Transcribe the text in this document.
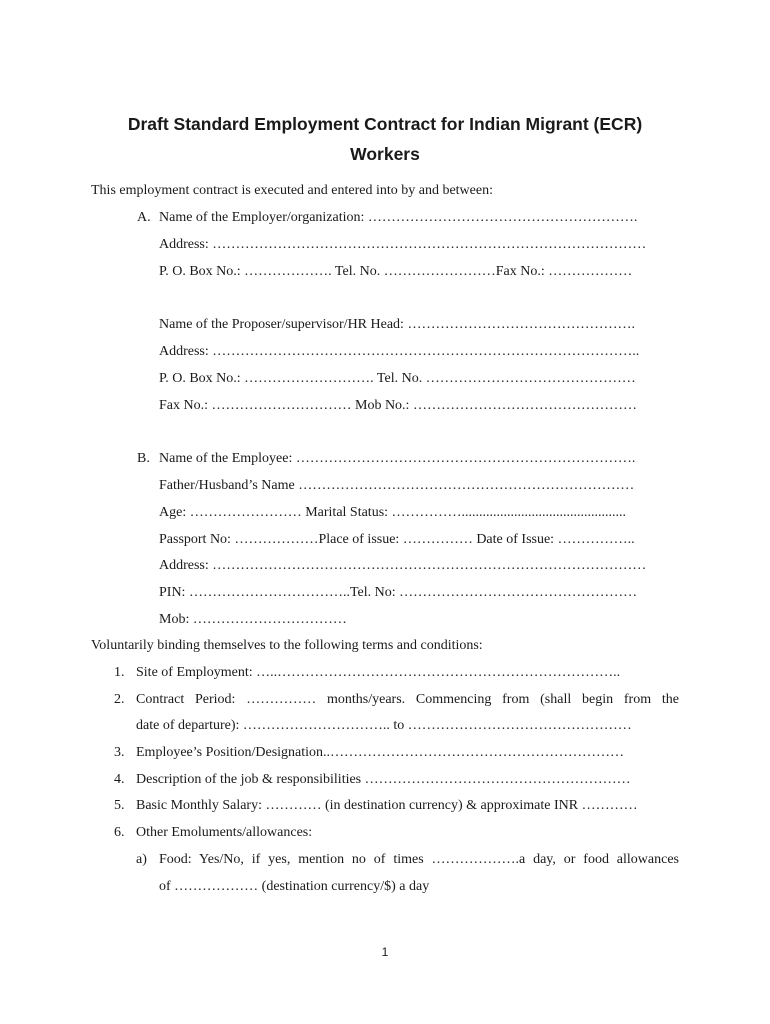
Draft Standard Employment Contract for Indian Migrant (ECR)
Workers
This employment contract is executed and entered into by and between:
A. Name of the Employer/organization: ………………………………………………….
Address: …………………………………………………………………………………
P. O. Box No.: ………………. Tel. No. ……………………Fax No.: ………………
Name of the Proposer/supervisor/HR Head: ………………………………………….
Address: ………………………………………………………………………………..
P. O. Box No.: ………………………. Tel. No. ………………………………………
Fax No.: ………………………… Mob No.: …………………………………………
B. Name of the Employee: ……………………………………………………………….
Father/Husband’s Name ………………………………………………………………
Age: …………………… Marital Status: ……………...............................................
Passport No: ………………Place of issue: …………… Date of Issue: ……………..
Address: …………………………………………………………………………………
PIN: ……………………………..Tel. No: ……………………………………………
Mob: ……………………………
Voluntarily binding themselves to the following terms and conditions:
1. Site of Employment: …..………………………………………………………………..
2. Contract Period: …………… months/years. Commencing from (shall begin from the
date of departure): ………………………….. to …………………………………………
3. Employee’s Position/Designation..………………………………………………………
4. Description of the job & responsibilities …………………………………………………
5. Basic Monthly Salary: ………… (in destination currency) & approximate INR …………
6. Other Emoluments/allowances:
a) Food: Yes/No, if yes, mention no of times ……………….a day, or food allowances
of ……………… (destination currency/$) a day
1
